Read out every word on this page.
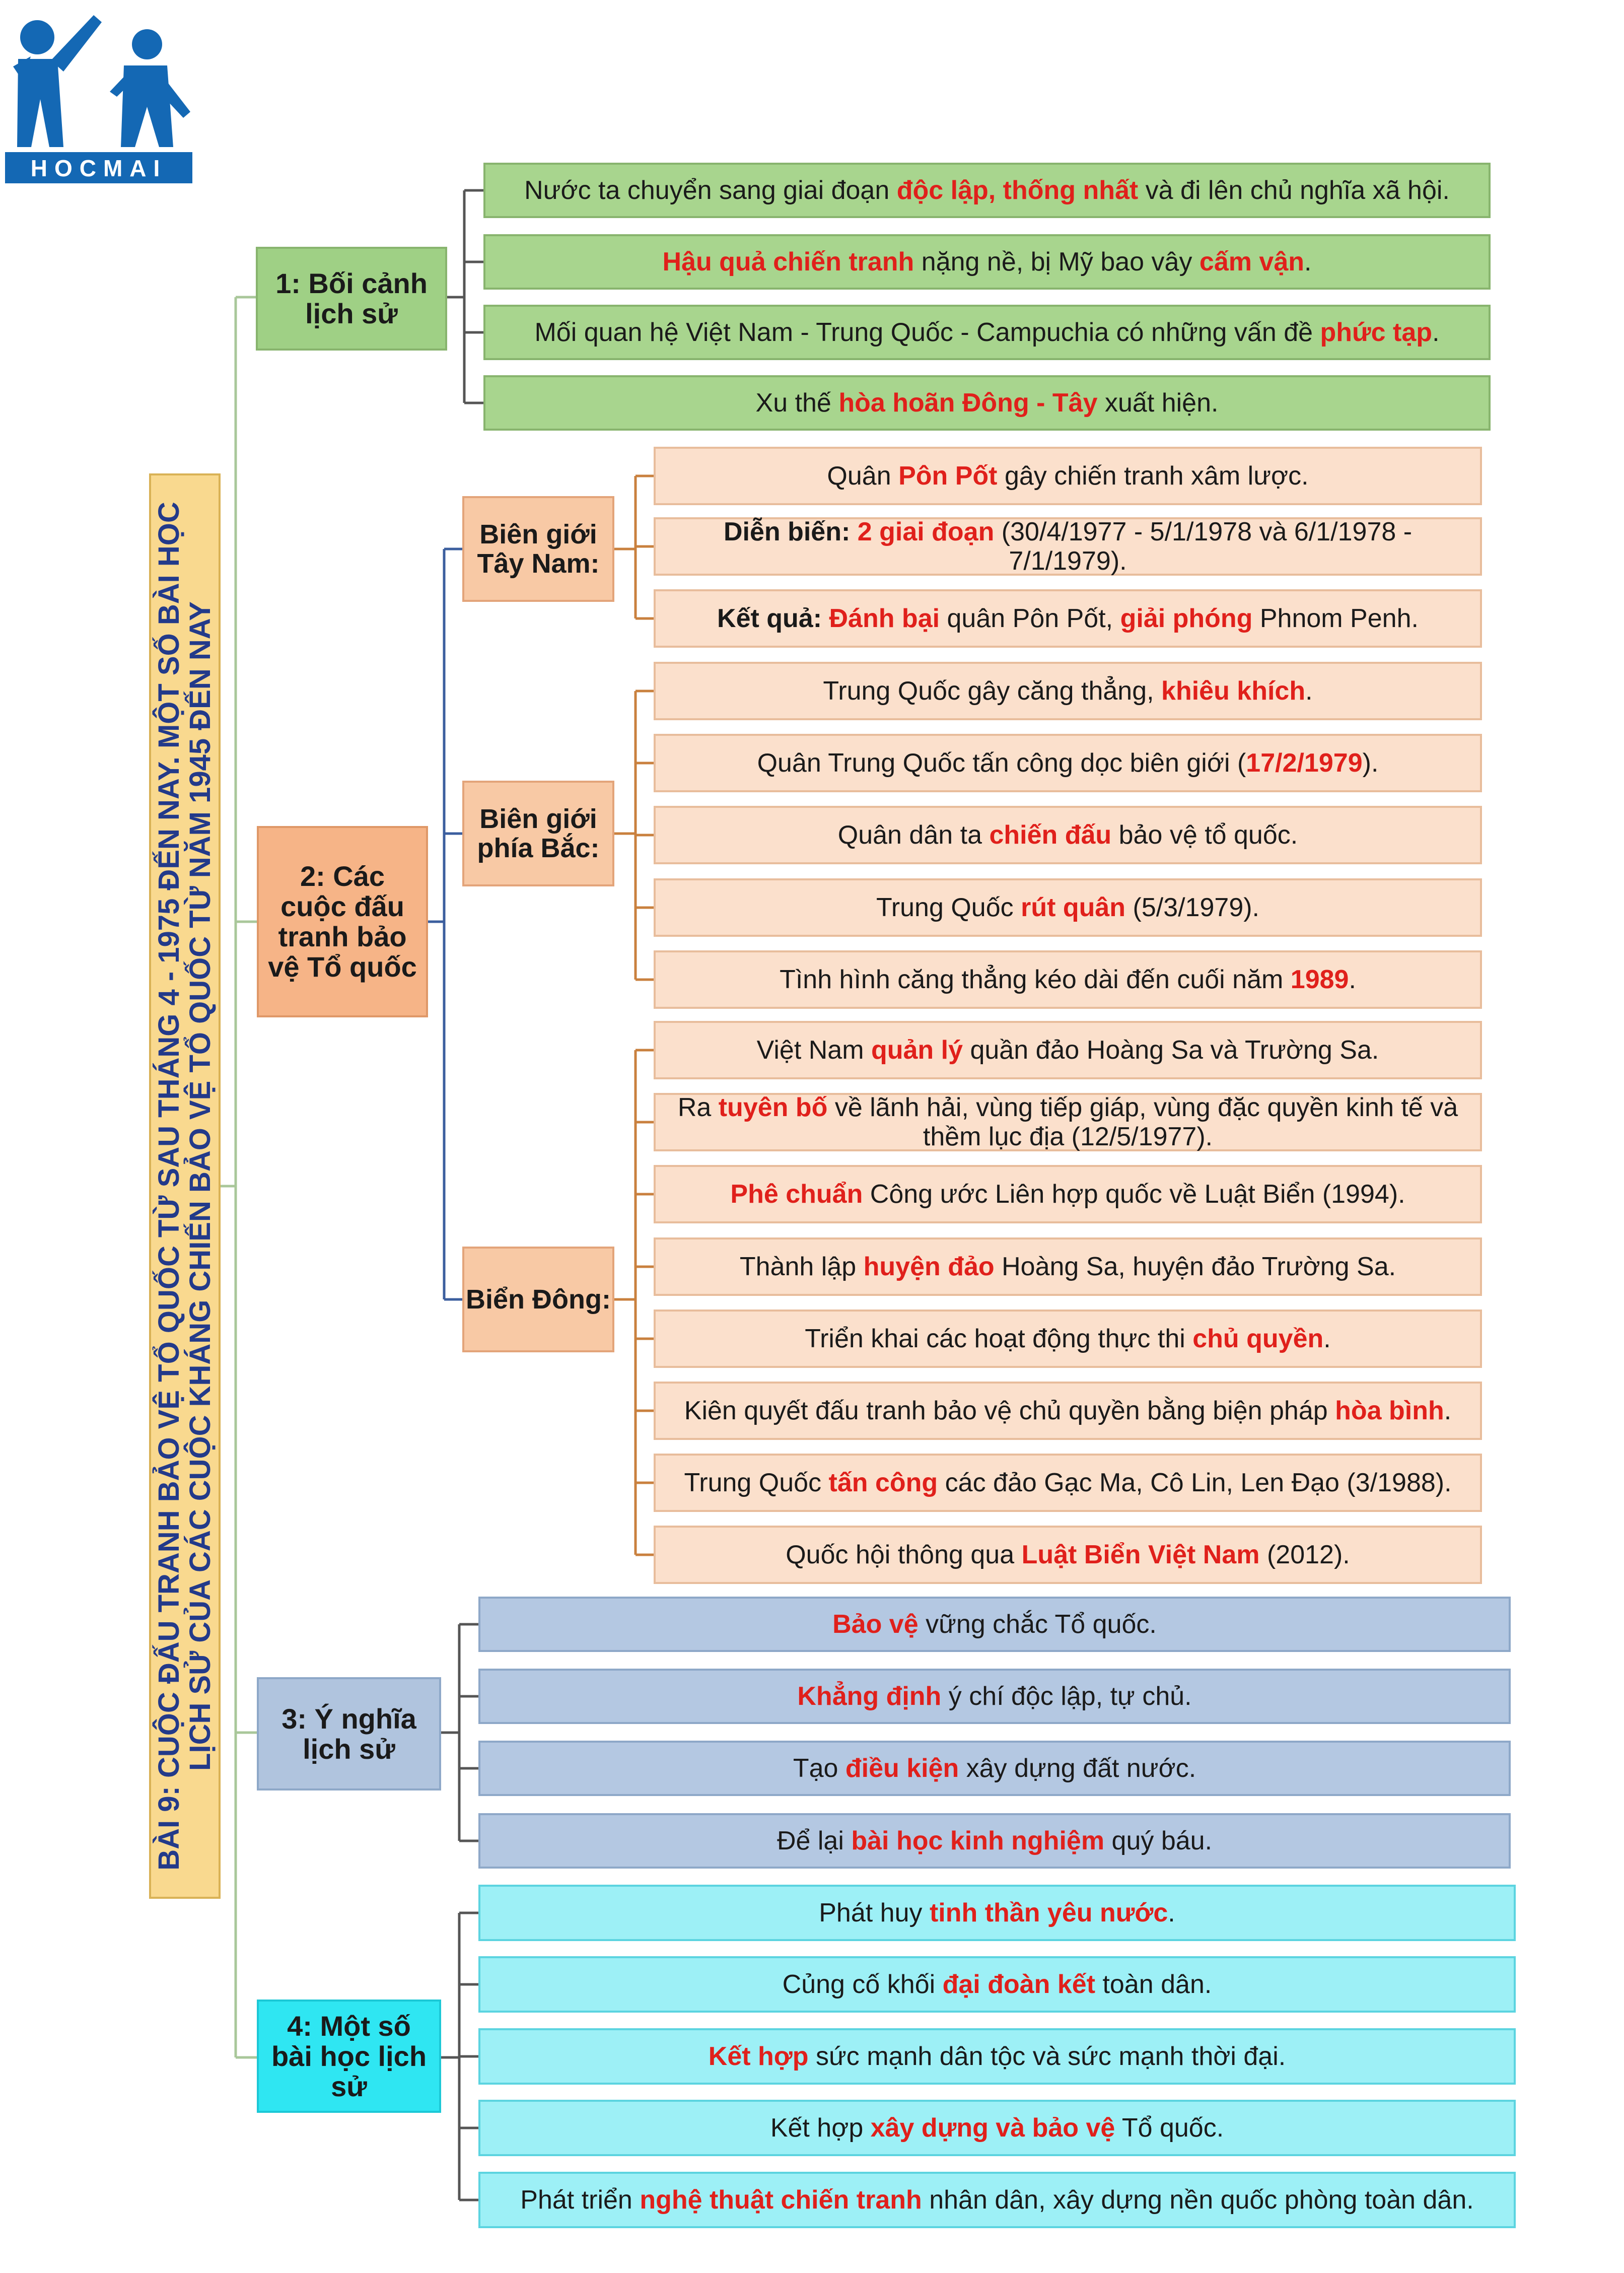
HOCMAI
BÀI 9: CUỘC ĐẤU TRANH BẢO VỆ TỔ QUỐC TỪ SAU THÁNG 4 - 1975 ĐẾN NAY. MỘT SỐ BÀI HỌC LỊCH SỬ CỦA CÁC CUỘC KHÁNG CHIẾN BẢO VỆ TỔ QUỐC TỪ NĂM 1945 ĐẾN NAY
1: Bối cảnh lịch sử
Nước ta chuyển sang giai đoạn độc lập, thống nhất và đi lên chủ nghĩa xã hội.
Hậu quả chiến tranh nặng nề, bị Mỹ bao vây cấm vận.
Mối quan hệ Việt Nam - Trung Quốc - Campuchia có những vấn đề phức tạp.
Xu thế hòa hoãn Đông - Tây xuất hiện.
2: Các cuộc đấu tranh bảo vệ Tổ quốc
Biên giới Tây Nam:
Quân Pôn Pốt gây chiến tranh xâm lược.
Diễn biến: 2 giai đoạn (30/4/1977 - 5/1/1978 và 6/1/1978 - 7/1/1979).
Kết quả: Đánh bại quân Pôn Pốt, giải phóng Phnom Penh.
Biên giới phía Bắc:
Trung Quốc gây căng thẳng, khiêu khích.
Quân Trung Quốc tấn công dọc biên giới (17/2/1979).
Quân dân ta chiến đấu bảo vệ tổ quốc.
Trung Quốc rút quân (5/3/1979).
Tình hình căng thẳng kéo dài đến cuối năm 1989.
Biển Đông:
Việt Nam quản lý quần đảo Hoàng Sa và Trường Sa.
Ra tuyên bố về lãnh hải, vùng tiếp giáp, vùng đặc quyền kinh tế và thềm lục địa (12/5/1977).
Phê chuẩn Công ước Liên hợp quốc về Luật Biển (1994).
Thành lập huyện đảo Hoàng Sa, huyện đảo Trường Sa.
Triển khai các hoạt động thực thi chủ quyền.
Kiên quyết đấu tranh bảo vệ chủ quyền bằng biện pháp hòa bình.
Trung Quốc tấn công các đảo Gạc Ma, Cô Lin, Len Đạo (3/1988).
Quốc hội thông qua Luật Biển Việt Nam (2012).
3: Ý nghĩa lịch sử
Bảo vệ vững chắc Tổ quốc.
Khẳng định ý chí độc lập, tự chủ.
Tạo điều kiện xây dựng đất nước.
Để lại bài học kinh nghiệm quý báu.
4: Một số bài học lịch sử
Phát huy tinh thần yêu nước.
Củng cố khối đại đoàn kết toàn dân.
Kết hợp sức mạnh dân tộc và sức mạnh thời đại.
Kết hợp xây dựng và bảo vệ Tổ quốc.
Phát triển nghệ thuật chiến tranh nhân dân, xây dựng nền quốc phòng toàn dân.
